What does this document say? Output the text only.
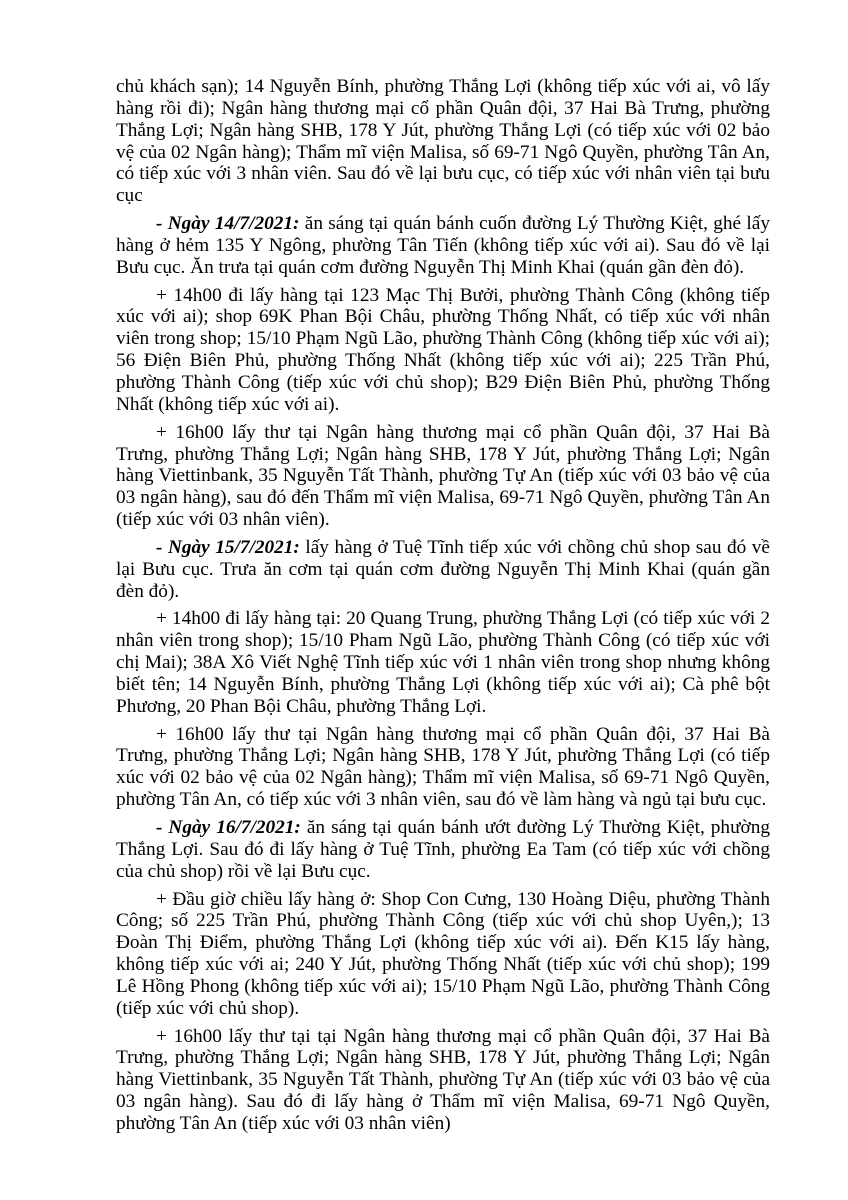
chủ khách sạn); 14 Nguyễn Bính, phường Thắng Lợi (không tiếp xúc với ai, vô lấy hàng rồi đi); Ngân hàng thương mại cổ phần Quân đội, 37 Hai Bà Trưng, phường Thắng Lợi; Ngân hàng SHB, 178 Y Jút, phường Thắng Lợi (có tiếp xúc với 02 bảo vệ của 02 Ngân hàng); Thẩm mĩ viện Malisa, số 69-71 Ngô Quyền, phường Tân An, có tiếp xúc với 3 nhân viên. Sau đó về lại bưu cục, có tiếp xúc với nhân viên tại bưu cục

- Ngày 14/7/2021: ăn sáng tại quán bánh cuốn đường Lý Thường Kiệt, ghé lấy hàng ở hẻm 135 Y Ngông, phường Tân Tiến (không tiếp xúc với ai). Sau đó về lại Bưu cục. Ăn trưa tại quán cơm đường Nguyễn Thị Minh Khai (quán gần đèn đỏ).

+ 14h00 đi lấy hàng tại 123 Mạc Thị Bưởi, phường Thành Công (không tiếp xúc với ai); shop 69K Phan Bội Châu, phường Thống Nhất, có tiếp xúc với nhân viên trong shop; 15/10 Phạm Ngũ Lão, phường Thành Công (không tiếp xúc với ai); 56 Điện Biên Phủ, phường Thống Nhất (không tiếp xúc với ai); 225 Trần Phú, phường Thành Công (tiếp xúc với chủ shop); B29 Điện Biên Phủ, phường Thống Nhất (không tiếp xúc với ai).

+ 16h00 lấy thư tại Ngân hàng thương mại cổ phần Quân đội, 37 Hai Bà Trưng, phường Thắng Lợi; Ngân hàng SHB, 178 Y Jút, phường Thắng Lợi; Ngân hàng Viettinbank, 35 Nguyễn Tất Thành, phường Tự An (tiếp xúc với 03 bảo vệ của 03 ngân hàng), sau đó đến Thẩm mĩ viện Malisa, 69-71 Ngô Quyền, phường Tân An (tiếp xúc với 03 nhân viên).

- Ngày 15/7/2021: lấy hàng ở Tuệ Tĩnh tiếp xúc với chồng chủ shop sau đó về lại Bưu cục. Trưa ăn cơm tại quán cơm đường Nguyễn Thị Minh Khai (quán gần đèn đỏ).

+ 14h00 đi lấy hàng tại: 20 Quang Trung, phường Thắng Lợi (có tiếp xúc với 2 nhân viên trong shop); 15/10 Pham Ngũ Lão, phường Thành Công (có tiếp xúc với chị Mai); 38A Xô Viết Nghệ Tĩnh tiếp xúc với 1 nhân viên trong shop nhưng không biết tên; 14 Nguyễn Bính, phường Thắng Lợi (không tiếp xúc với ai); Cà phê bột Phương, 20 Phan Bội Châu, phường Thắng Lợi.

+ 16h00 lấy thư tại Ngân hàng thương mại cổ phần Quân đội, 37 Hai Bà Trưng, phường Thắng Lợi; Ngân hàng SHB, 178 Y Jút, phường Thắng Lợi (có tiếp xúc với 02 bảo vệ của 02 Ngân hàng); Thẩm mĩ viện Malisa, số 69-71 Ngô Quyền, phường Tân An, có tiếp xúc với 3 nhân viên, sau đó về làm hàng và ngủ tại bưu cục.

- Ngày 16/7/2021: ăn sáng tại quán bánh ướt đường Lý Thường Kiệt, phường Thắng Lợi. Sau đó đi lấy hàng ở Tuệ Tĩnh, phường Ea Tam (có tiếp xúc với chồng của chủ shop) rồi về lại Bưu cục.

+ Đầu giờ chiều lấy hàng ở: Shop Con Cưng, 130 Hoàng Diệu, phường Thành Công; số 225 Trần Phú, phường Thành Công (tiếp xúc với chủ shop Uyên,); 13 Đoàn Thị Điểm, phường Thắng Lợi (không tiếp xúc với ai). Đến K15 lấy hàng, không tiếp xúc với ai; 240 Y Jút, phường Thống Nhất (tiếp xúc với chủ shop); 199 Lê Hồng Phong (không tiếp xúc với ai); 15/10 Phạm Ngũ Lão, phường Thành Công (tiếp xúc với chủ shop).

+ 16h00 lấy thư tại tại Ngân hàng thương mại cổ phần Quân đội, 37 Hai Bà Trưng, phường Thắng Lợi; Ngân hàng SHB, 178 Y Jút, phường Thắng Lợi; Ngân hàng Viettinbank, 35 Nguyễn Tất Thành, phường Tự An (tiếp xúc với 03 bảo vệ của 03 ngân hàng). Sau đó đi lấy hàng ở Thẩm mĩ viện Malisa, 69-71 Ngô Quyền, phường Tân An (tiếp xúc với 03 nhân viên)
